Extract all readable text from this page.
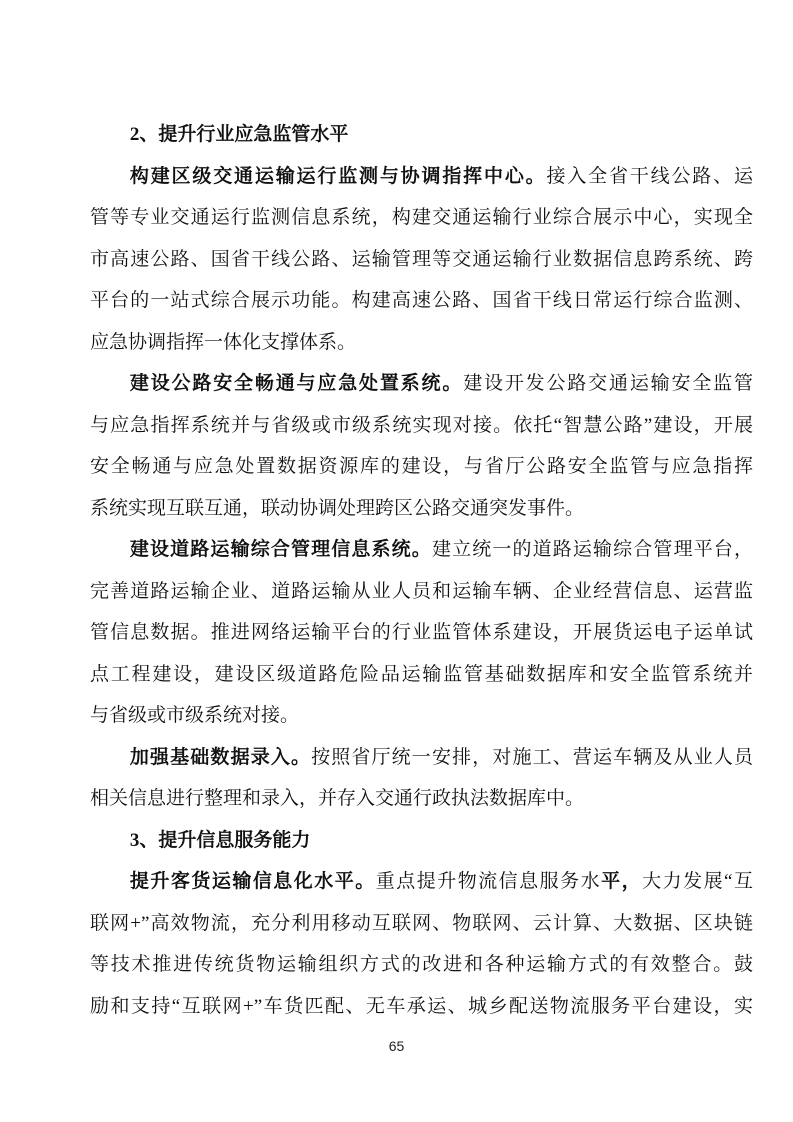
2、提升行业应急监管水平
构建区级交通运输运行监测与协调指挥中心。接入全省干线公路、运
管等专业交通运行监测信息系统，构建交通运输行业综合展示中心，实现全
市高速公路、国省干线公路、运输管理等交通运输行业数据信息跨系统、跨
平台的一站式综合展示功能。构建高速公路、国省干线日常运行综合监测、
应急协调指挥一体化支撑体系。
建设公路安全畅通与应急处置系统。建设开发公路交通运输安全监管
与应急指挥系统并与省级或市级系统实现对接。依托“智慧公路”建设，开展
安全畅通与应急处置数据资源库的建设，与省厅公路安全监管与应急指挥
系统实现互联互通，联动协调处理跨区公路交通突发事件。
建设道路运输综合管理信息系统。建立统一的道路运输综合管理平台，
完善道路运输企业、道路运输从业人员和运输车辆、企业经营信息、运营监
管信息数据。推进网络运输平台的行业监管体系建设，开展货运电子运单试
点工程建设，建设区级道路危险品运输监管基础数据库和安全监管系统并
与省级或市级系统对接。
加强基础数据录入。按照省厅统一安排，对施工、营运车辆及从业人员
相关信息进行整理和录入，并存入交通行政执法数据库中。
3、提升信息服务能力
提升客货运输信息化水平。重点提升物流信息服务水平，大力发展“互
联网+”高效物流，充分利用移动互联网、物联网、云计算、大数据、区块链
等技术推进传统货物运输组织方式的改进和各种运输方式的有效整合。鼓
励和支持“互联网+”车货匹配、无车承运、城乡配送物流服务平台建设，实
65
